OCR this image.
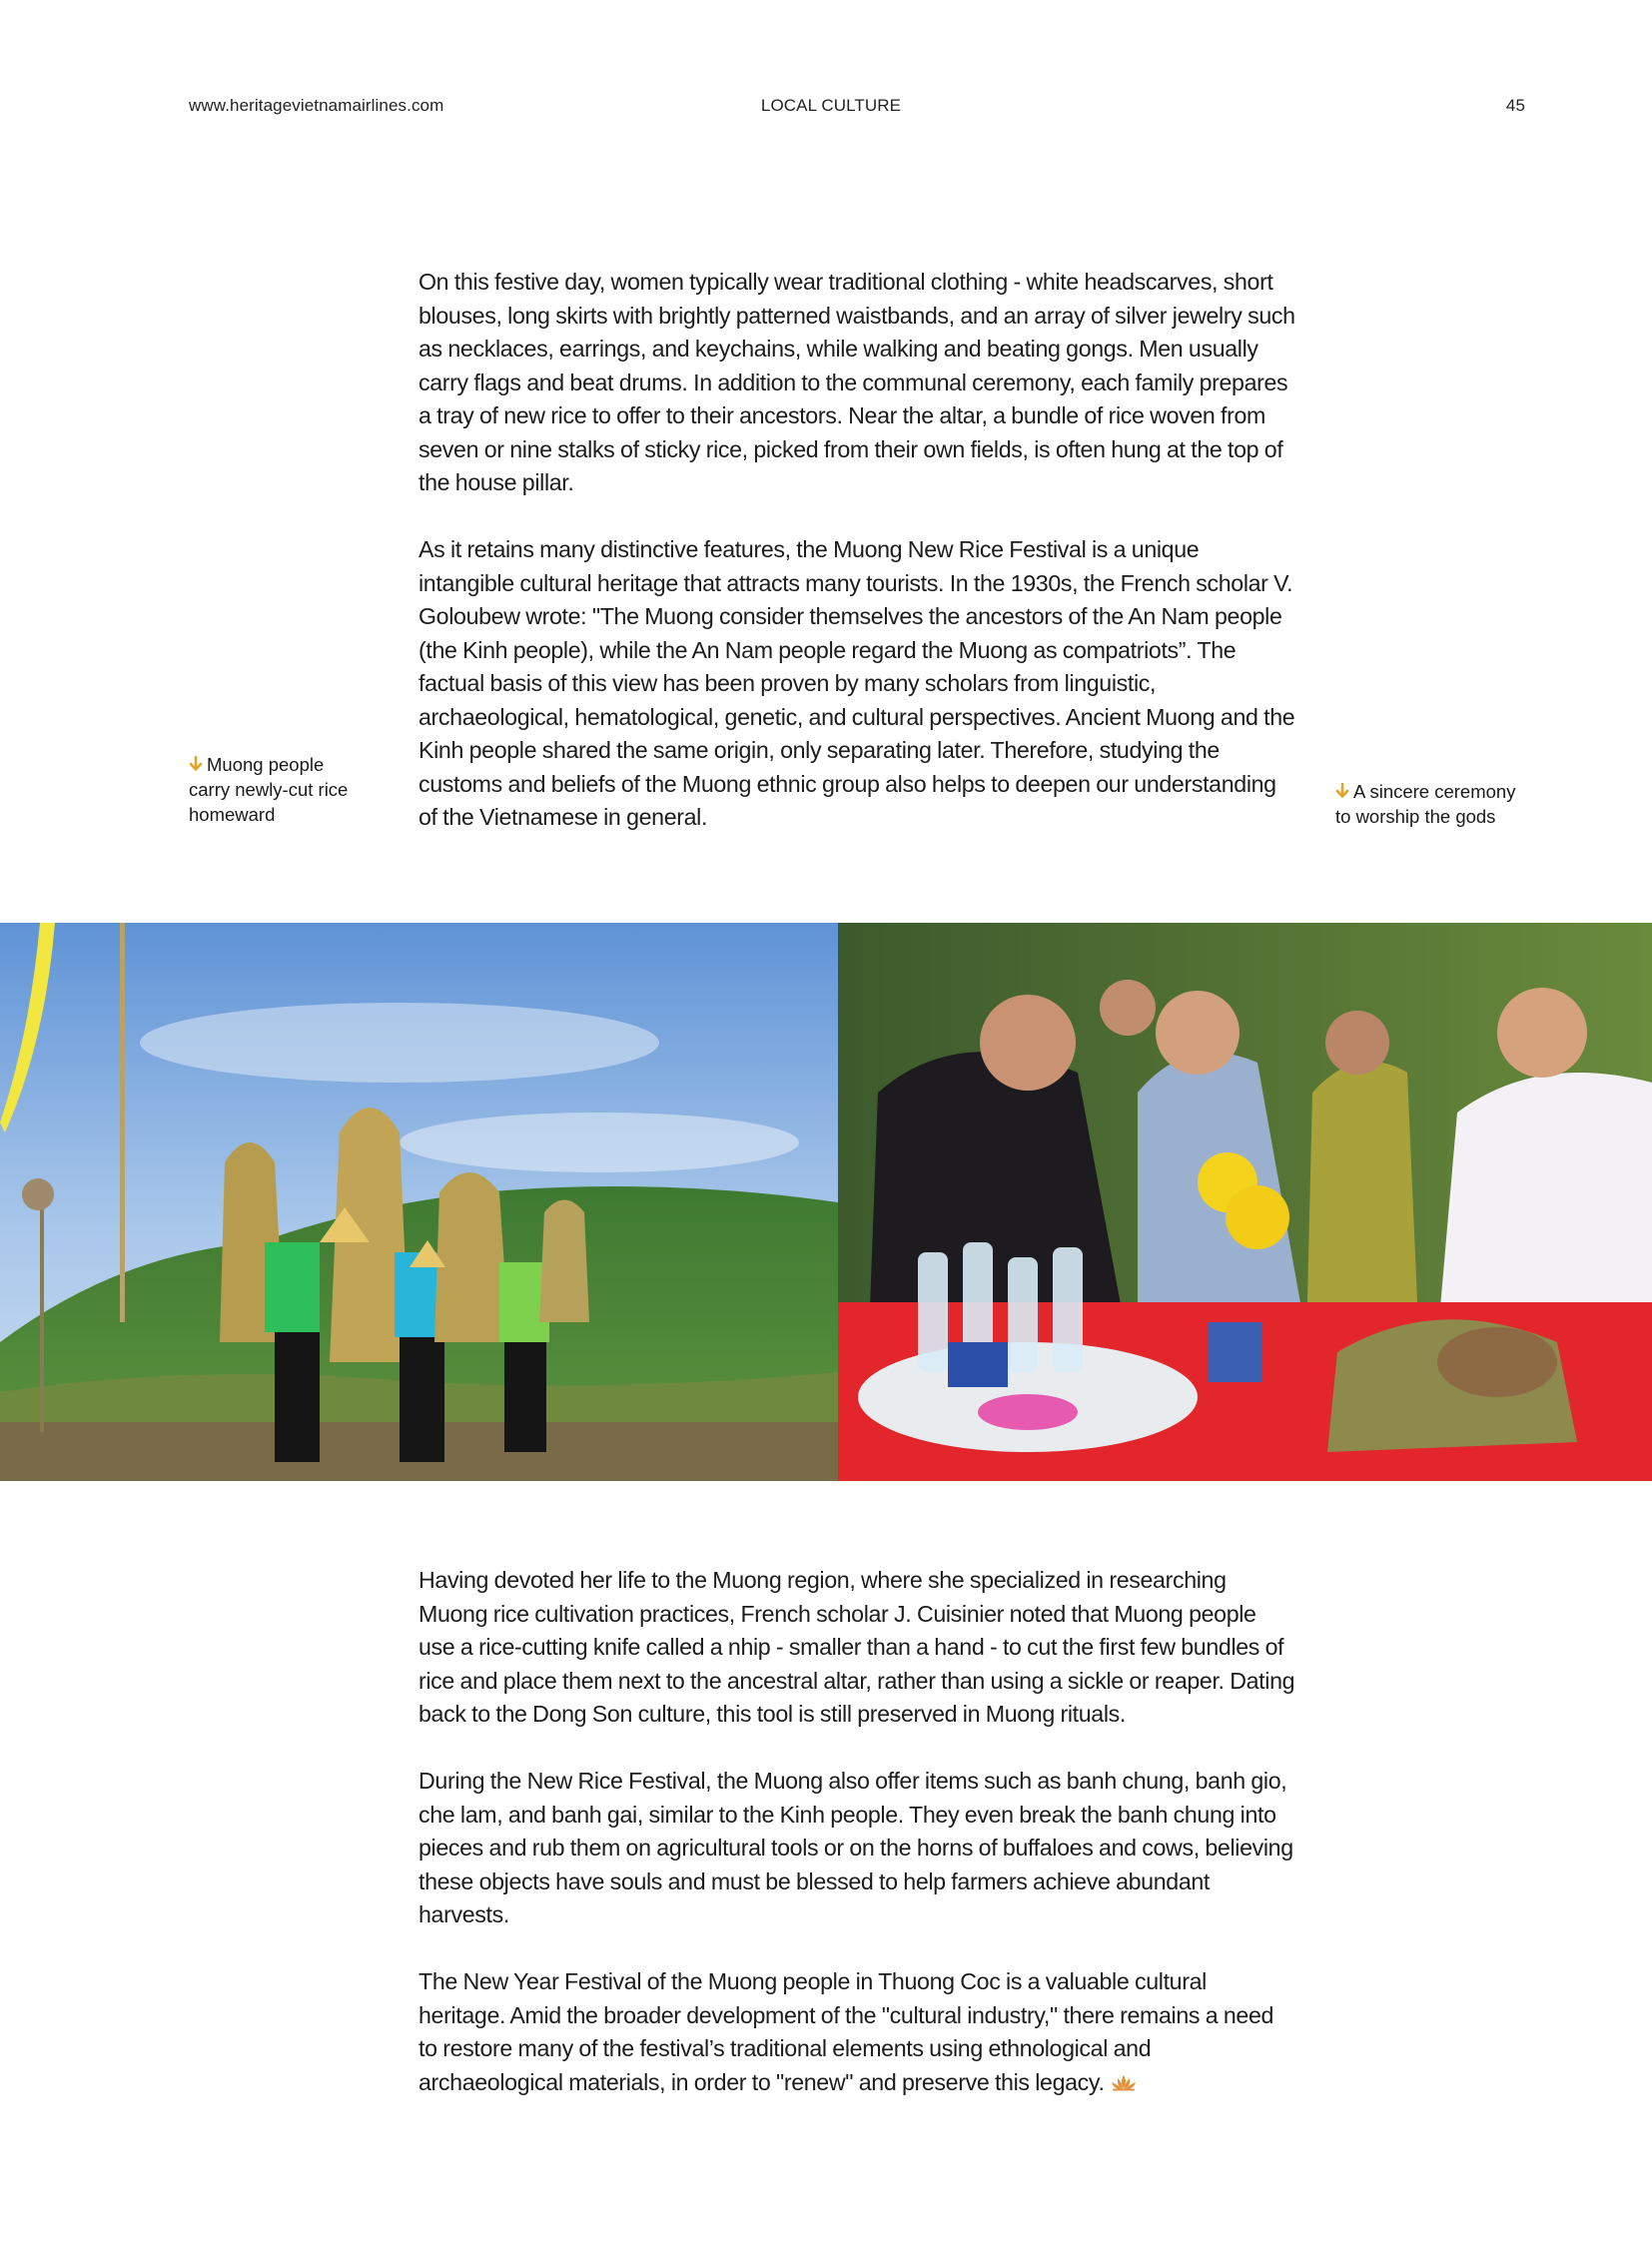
www.heritagevietnamairlines.com	LOCAL CULTURE	45

On this festive day, women typically wear traditional clothing - white headscarves, short blouses, long skirts with brightly patterned waistbands, and an array of silver jewelry such as necklaces, earrings, and keychains, while walking and beating gongs. Men usually carry flags and beat drums. In addition to the communal ceremony, each family prepares a tray of new rice to offer to their ancestors. Near the altar, a bundle of rice woven from seven or nine stalks of sticky rice, picked from their own fields, is often hung at the top of the house pillar.

As it retains many distinctive features, the Muong New Rice Festival is a unique intangible cultural heritage that attracts many tourists. In the 1930s, the French scholar V. Goloubew wrote: "The Muong consider themselves the ancestors of the An Nam people (the Kinh people), while the An Nam people regard the Muong as compatriots”. The factual basis of this view has been proven by many scholars from linguistic, archaeological, hematological, genetic, and cultural perspectives. Ancient Muong and the Kinh people shared the same origin, only separating later. Therefore, studying the customs and beliefs of the Muong ethnic group also helps to deepen our understanding of the Vietnamese in general.

Muong people carry newly-cut rice homeward
A sincere ceremony to worship the gods

Having devoted her life to the Muong region, where she specialized in researching Muong rice cultivation practices, French scholar J. Cuisinier noted that Muong people use a rice-cutting knife called a nhip - smaller than a hand - to cut the first few bundles of rice and place them next to the ancestral altar, rather than using a sickle or reaper. Dating back to the Dong Son culture, this tool is still preserved in Muong rituals.

During the New Rice Festival, the Muong also offer items such as banh chung, banh gio, che lam, and banh gai, similar to the Kinh people. They even break the banh chung into pieces and rub them on agricultural tools or on the horns of buffaloes and cows, believing these objects have souls and must be blessed to help farmers achieve abundant harvests.

The New Year Festival of the Muong people in Thuong Coc is a valuable cultural heritage. Amid the broader development of the "cultural industry," there remains a need to restore many of the festival’s traditional elements using ethnological and archaeological materials, in order to "renew" and preserve this legacy.
